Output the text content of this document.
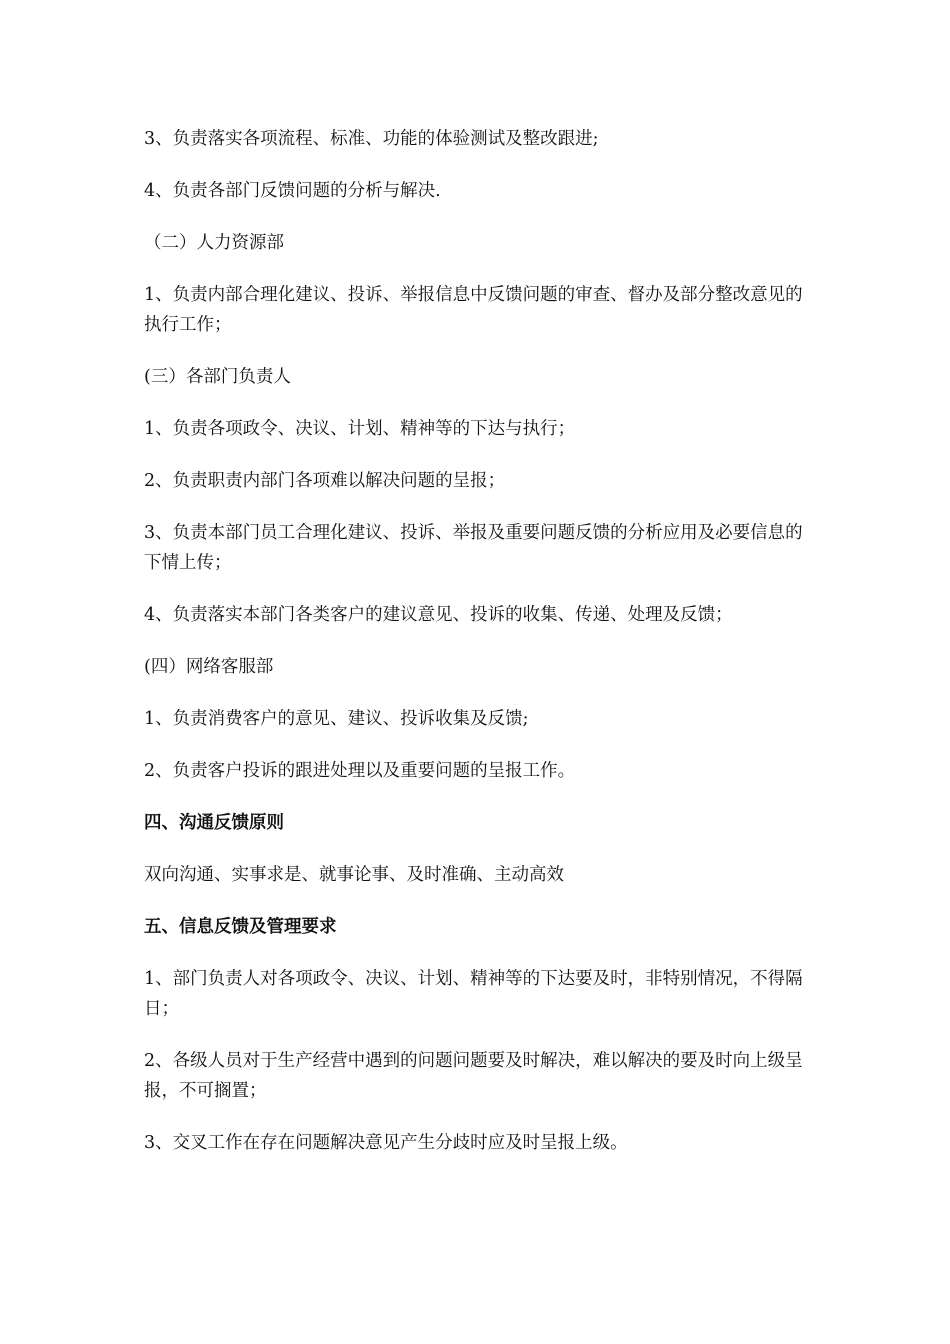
3、负责落实各项流程、标准、功能的体验测试及整改跟进;

4、负责各部门反馈问题的分析与解决.

（二）人力资源部

1、负责内部合理化建议、投诉、举报信息中反馈问题的审查、督办及部分整改意见的执行工作；

(三）各部门负责人

1、负责各项政令、决议、计划、精神等的下达与执行；

2、负责职责内部门各项难以解决问题的呈报；

3、负责本部门员工合理化建议、投诉、举报及重要问题反馈的分析应用及必要信息的下情上传；

4、负责落实本部门各类客户的建议意见、投诉的收集、传递、处理及反馈；

(四）网络客服部

1、负责消费客户的意见、建议、投诉收集及反馈;

2、负责客户投诉的跟进处理以及重要问题的呈报工作。

四、沟通反馈原则

双向沟通、实事求是、就事论事、及时准确、主动高效

五、信息反馈及管理要求

1、部门负责人对各项政令、决议、计划、精神等的下达要及时，非特别情况，不得隔日；

2、各级人员对于生产经营中遇到的问题问题要及时解决，难以解决的要及时向上级呈报，不可搁置；

3、交叉工作在存在问题解决意见产生分歧时应及时呈报上级。
